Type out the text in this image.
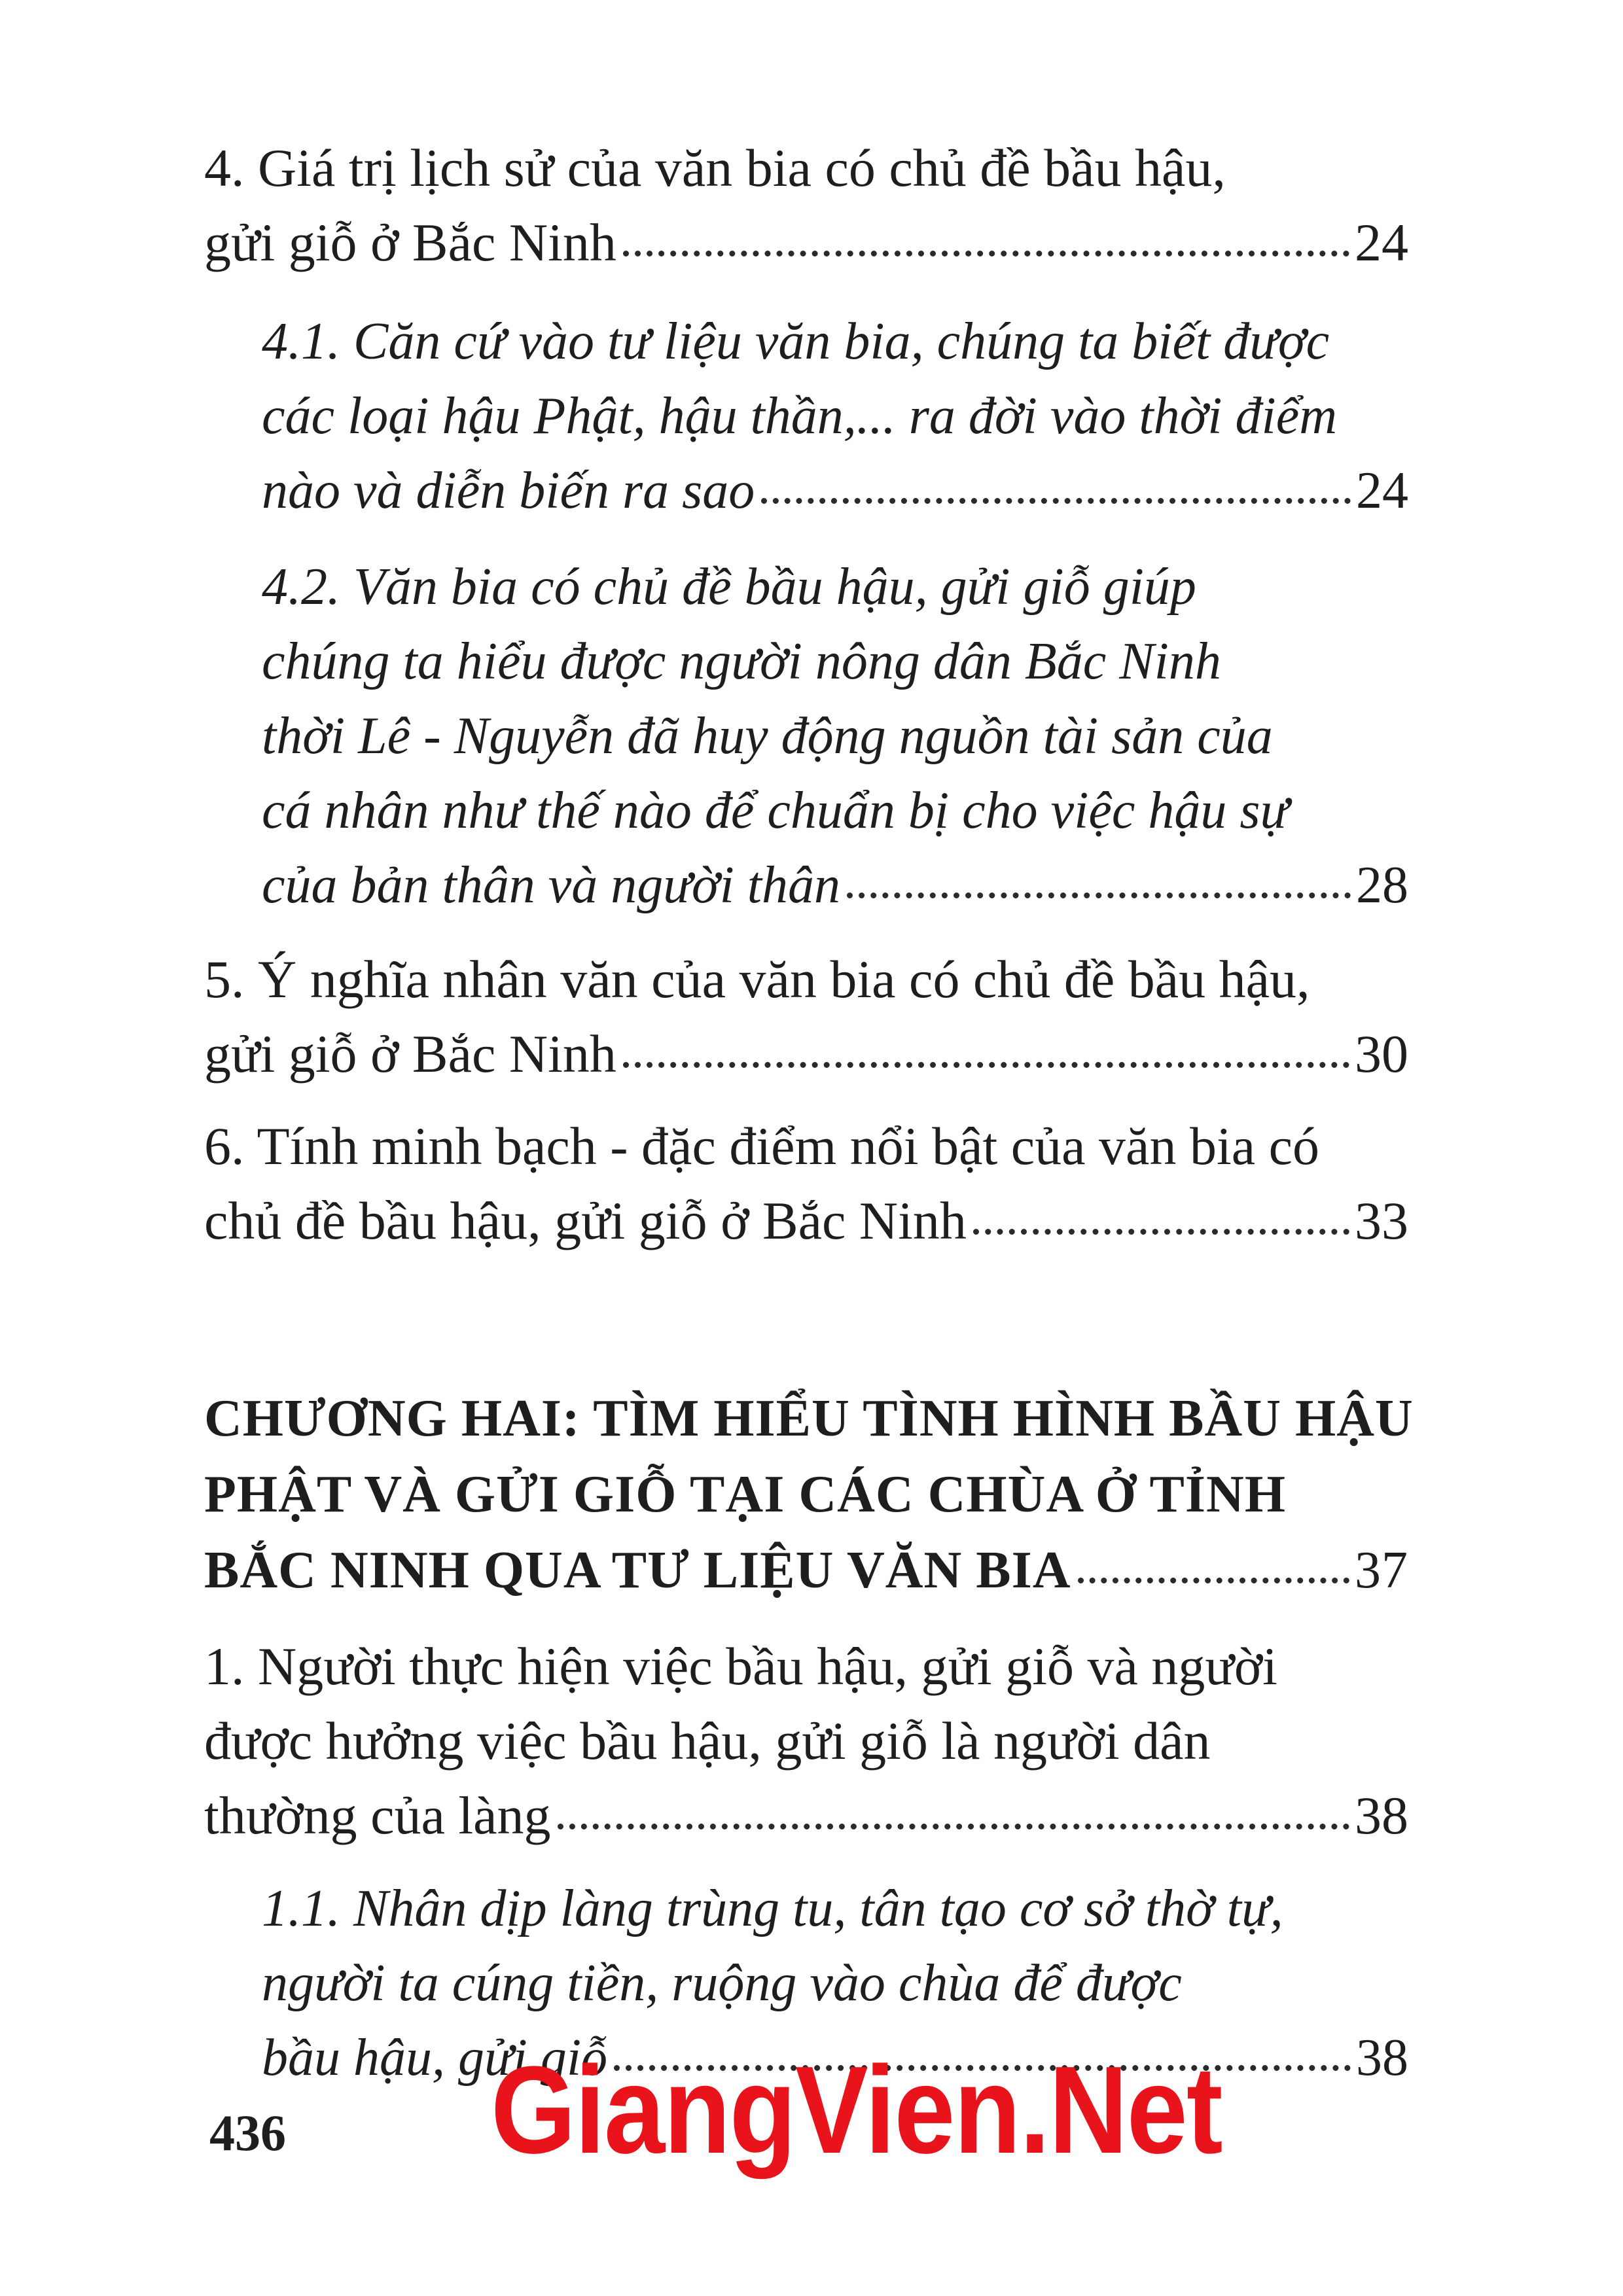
4. Giá trị lịch sử của văn bia có chủ đề bầu hậu,
gửi giỗ ở Bắc Ninh	24
4.1. Căn cứ vào tư liệu văn bia, chúng ta biết được
các loại hậu Phật, hậu thần,... ra đời vào thời điểm
nào và diễn biến ra sao	24
4.2. Văn bia có chủ đề bầu hậu, gửi giỗ giúp
chúng ta hiểu được người nông dân Bắc Ninh
thời Lê - Nguyễn đã huy động nguồn tài sản của
cá nhân như thế nào để chuẩn bị cho việc hậu sự
của bản thân và người thân	28
5. Ý nghĩa nhân văn của văn bia có chủ đề bầu hậu,
gửi giỗ ở Bắc Ninh	30
6. Tính minh bạch - đặc điểm nổi bật của văn bia có
chủ đề bầu hậu, gửi giỗ ở Bắc Ninh	33
CHƯƠNG HAI: TÌM HIỂU TÌNH HÌNH BẦU HẬU
PHẬT VÀ GỬI GIỖ TẠI CÁC CHÙA Ở TỈNH
BẮC NINH QUA TƯ LIỆU VĂN BIA	37
1. Người thực hiện việc bầu hậu, gửi giỗ và người
được hưởng việc bầu hậu, gửi giỗ là người dân
thường của làng	38
1.1. Nhân dịp làng trùng tu, tân tạo cơ sở thờ tự,
người ta cúng tiền, ruộng vào chùa để được
bầu hậu, gửi giỗ	38
436 GiangVien.Net
